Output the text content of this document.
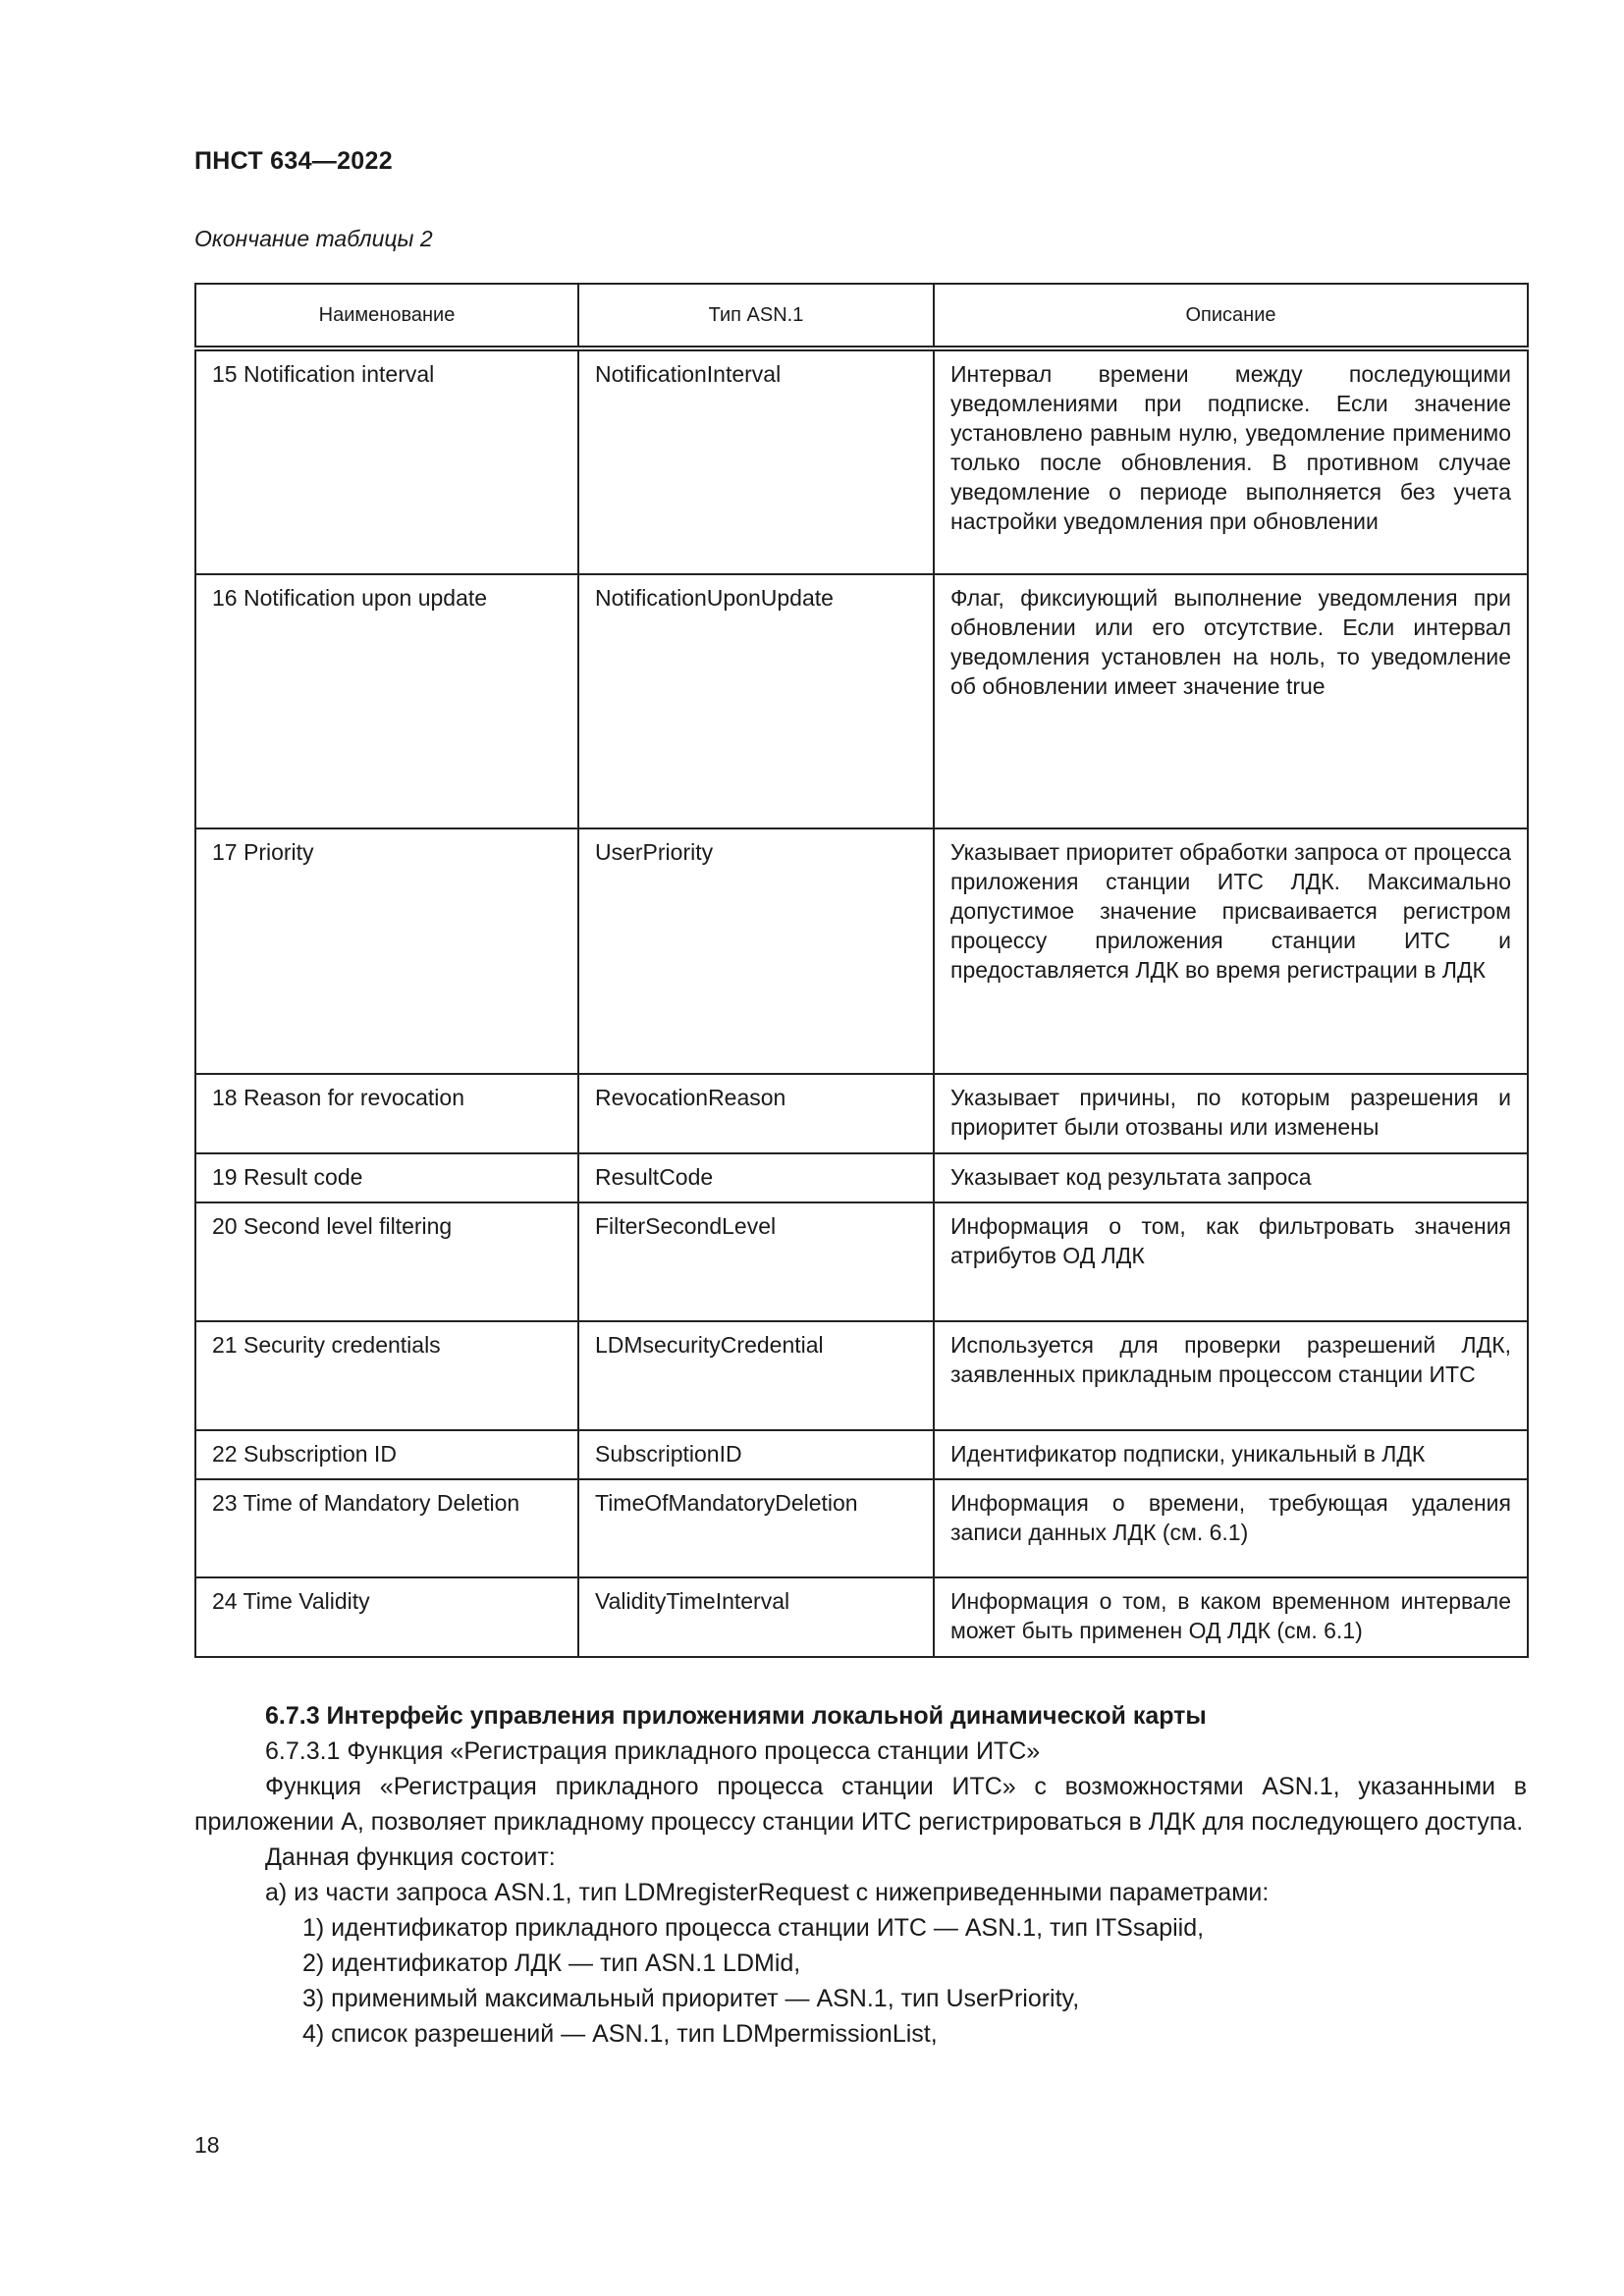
ПНСТ 634—2022
Окончание таблицы 2
Наименование	Тип ASN.1	Описание
15 Notification interval	NotificationInterval	Интервал времени между последующими уведомлениями при подписке. Если значение установлено равным нулю, уведомление применимо только после обновления. В противном случае уведомление о периоде выполняется без учета настройки уведомления при обновлении
16 Notification upon update	NotificationUponUpdate	Флаг, фиксиующий выполнение уведомления при обновлении или его отсутствие. Если интервал уведомления установлен на ноль, то уведомление об обновлении имеет значение true
17 Priority	UserPriority	Указывает приоритет обработки запроса от процесса приложения станции ИТС ЛДК. Максимально допустимое значение присваивается регистром процессу приложения станции ИТС и предоставляется ЛДК во время регистрации в ЛДК
18 Reason for revocation	RevocationReason	Указывает причины, по которым разрешения и приоритет были отозваны или изменены
19 Result code	ResultCode	Указывает код результата запроса
20 Second level filtering	FilterSecondLevel	Информация о том, как фильтровать значения атрибутов ОД ЛДК
21 Security credentials	LDMsecurityCredential	Используется для проверки разрешений ЛДК, заявленных прикладным процессом станции ИТС
22 Subscription ID	SubscriptionID	Идентификатор подписки, уникальный в ЛДК
23 Time of Mandatory Deletion	TimeOfMandatoryDeletion	Информация о времени, требующая удаления записи данных ЛДК (см. 6.1)
24 Time Validity	ValidityTimeInterval	Информация о том, в каком временном интервале может быть применен ОД ЛДК (см. 6.1)

6.7.3 Интерфейс управления приложениями локальной динамической карты

6.7.3.1 Функция «Регистрация прикладного процесса станции ИТС»

Функция «Регистрация прикладного процесса станции ИТС» с возможностями ASN.1, указанными в приложении А, позволяет прикладному процессу станции ИТС регистрироваться в ЛДК для последующего доступа.

Данная функция состоит:

а) из части запроса ASN.1, тип LDMregisterRequest с нижеприведенными параметрами:

1) идентификатор прикладного процесса станции ИТС — ASN.1, тип ITSsapiid,

2) идентификатор ЛДК — тип ASN.1 LDMid,

3) применимый максимальный приоритет — ASN.1, тип UserPriority,

4) список разрешений — ASN.1, тип LDMpermissionList,

18
